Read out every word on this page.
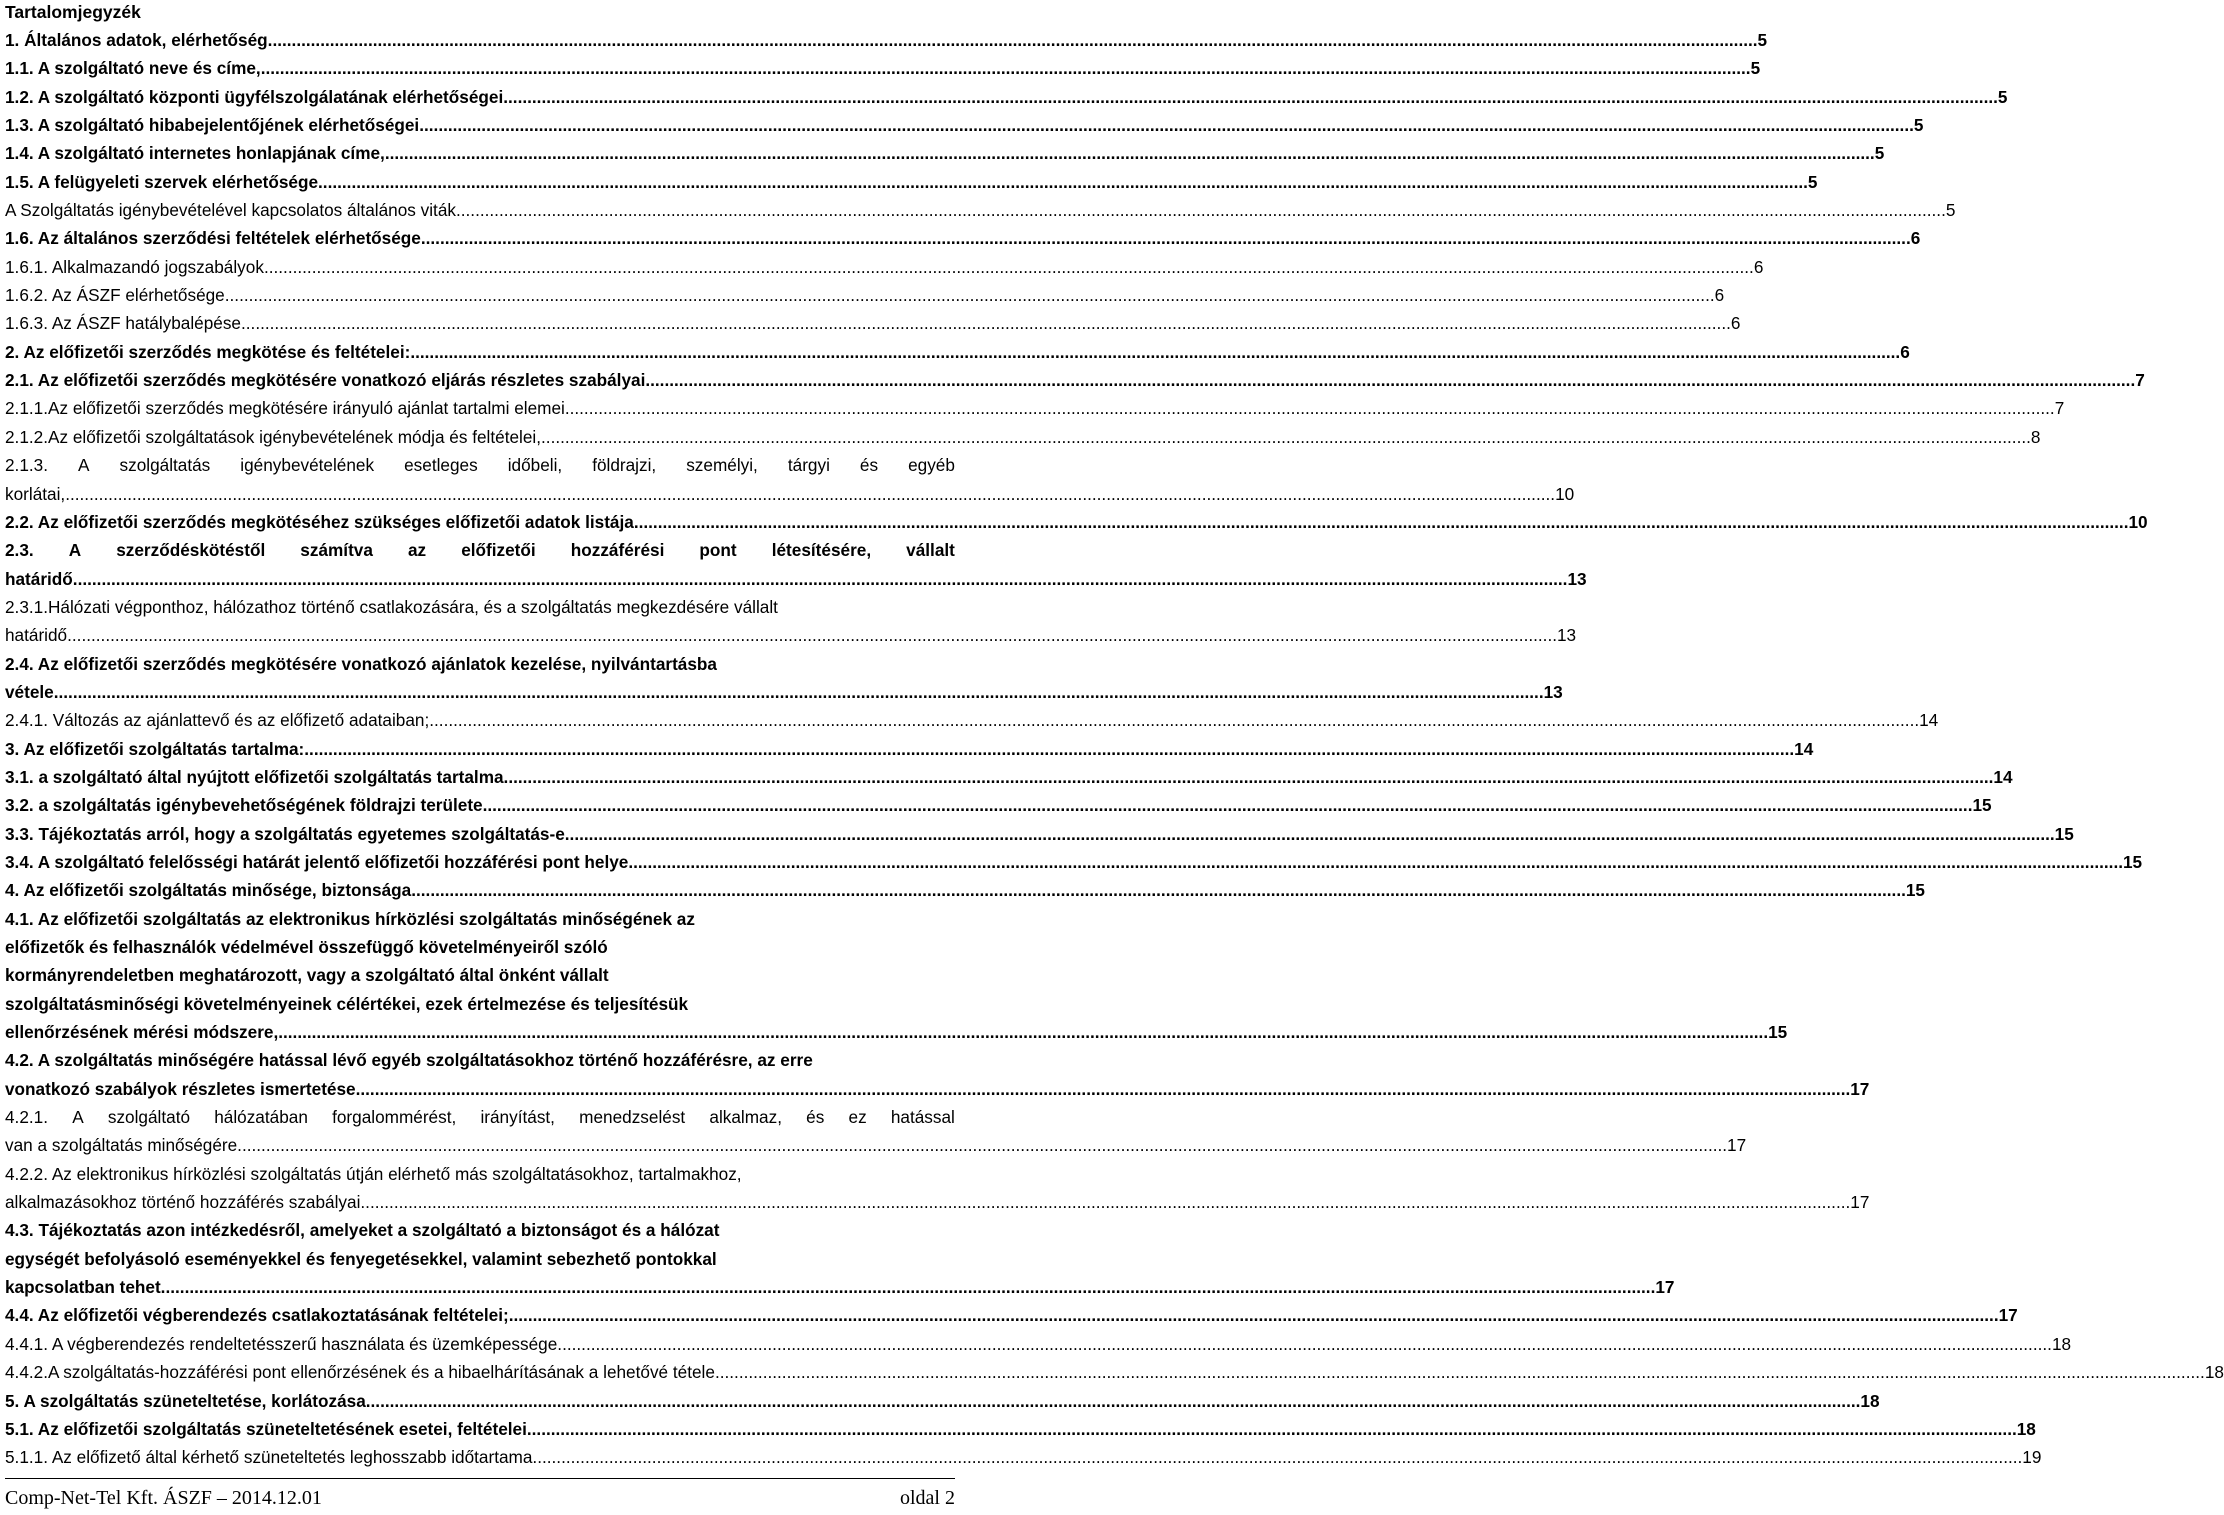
Tartalomjegyzék
1. Általános adatok, elérhetőség .....	5
1.1. A szolgáltató neve és címe, .....	5
1.2. A szolgáltató központi ügyfélszolgálatának elérhetőségei. .....	5
1.3. A szolgáltató hibabejelentőjének elérhetőségei. .....	5
1.4. A szolgáltató internetes honlapjának címe, .....	5
1.5. A felügyeleti szervek elérhetősége .....	5
A Szolgáltatás igénybevételével kapcsolatos általános viták .....	5
1.6. Az általános szerződési feltételek elérhetősége .....	6
1.6.1. Alkalmazandó jogszabályok .....	6
1.6.2. Az ÁSZF elérhetősége .....	6
1.6.3. Az ÁSZF hatálybalépése .....	6
2. Az előfizetői szerződés megkötése és feltételei: .....	6
2.1. Az előfizetői szerződés megkötésére vonatkozó eljárás részletes szabályai .....	7
2.1.1.Az előfizetői szerződés megkötésére irányuló ajánlat tartalmi elemei .....	7
2.1.2.Az előfizetői szolgáltatások igénybevételének módja és feltételei, .....	8
2.1.3. A szolgáltatás igénybevételének esetleges időbeli, földrajzi, személyi, tárgyi és egyéb
korlátai, .....	10
2.2. Az előfizetői szerződés megkötéséhez szükséges előfizetői adatok listája. .....	10
2.3. A szerződéskötéstől számítva az előfizetői hozzáférési pont létesítésére, vállalt
határidő. .....	13
2.3.1.Hálózati végponthoz, hálózathoz történő csatlakozására, és a szolgáltatás megkezdésére vállalt
határidő .....	13
2.4. Az előfizetői szerződés megkötésére vonatkozó ajánlatok kezelése, nyilvántartásba
vétele .....	13
2.4.1. Változás az ajánlattevő és az előfizető adataiban; .....	14
3. Az előfizetői szolgáltatás tartalma: .....	14
3.1. a szolgáltató által nyújtott előfizetői szolgáltatás tartalma .....	14
3.2. a szolgáltatás igénybevehetőségének földrajzi területe .....	15
3.3. Tájékoztatás arról, hogy a szolgáltatás egyetemes szolgáltatás-e .....	15
3.4. A szolgáltató felelősségi határát jelentő előfizetői hozzáférési pont helye. .....	15
4. Az előfizetői szolgáltatás minősége, biztonsága. .....	15
4.1. Az előfizetői szolgáltatás az elektronikus hírközlési szolgáltatás minőségének az
előfizetők és felhasználók védelmével összefüggő követelményeiről szóló
kormányrendeletben meghatározott, vagy a szolgáltató által önként vállalt
szolgáltatásminőségi követelményeinek célértékei, ezek értelmezése és teljesítésük
ellenőrzésének mérési módszere, .....	15
4.2. A szolgáltatás minőségére hatással lévő egyéb szolgáltatásokhoz történő hozzáférésre, az erre
vonatkozó szabályok részletes ismertetése. .....	17
4.2.1. A szolgáltató hálózatában forgalommérést, irányítást, menedzselést alkalmaz, és ez hatással
van a szolgáltatás minőségére .....	17
4.2.2. Az elektronikus hírközlési szolgáltatás útján elérhető más szolgáltatásokhoz, tartalmakhoz,
alkalmazásokhoz történő hozzáférés szabályai .....	17
4.3. Tájékoztatás azon intézkedésről, amelyeket a szolgáltató a biztonságot és a hálózat
egységét befolyásoló eseményekkel és fenyegetésekkel, valamint sebezhető pontokkal
kapcsolatban tehet. .....	17
4.4. Az előfizetői végberendezés csatlakoztatásának feltételei; .....	17
4.4.1. A végberendezés rendeltetésszerű használata és üzemképessége. .....	18
4.4.2.A szolgáltatás-hozzáférési pont ellenőrzésének és a hibaelhárításának a lehetővé tétele .....	18
5. A szolgáltatás szüneteltetése, korlátozása. .....	18
5.1. Az előfizetői szolgáltatás szüneteltetésének esetei, feltételei .....	18
5.1.1. Az előfizető által kérhető szüneteltetés leghosszabb időtartama .....	19
Comp-Net-Tel Kft. ÁSZF – 2014.12.01	oldal 2
